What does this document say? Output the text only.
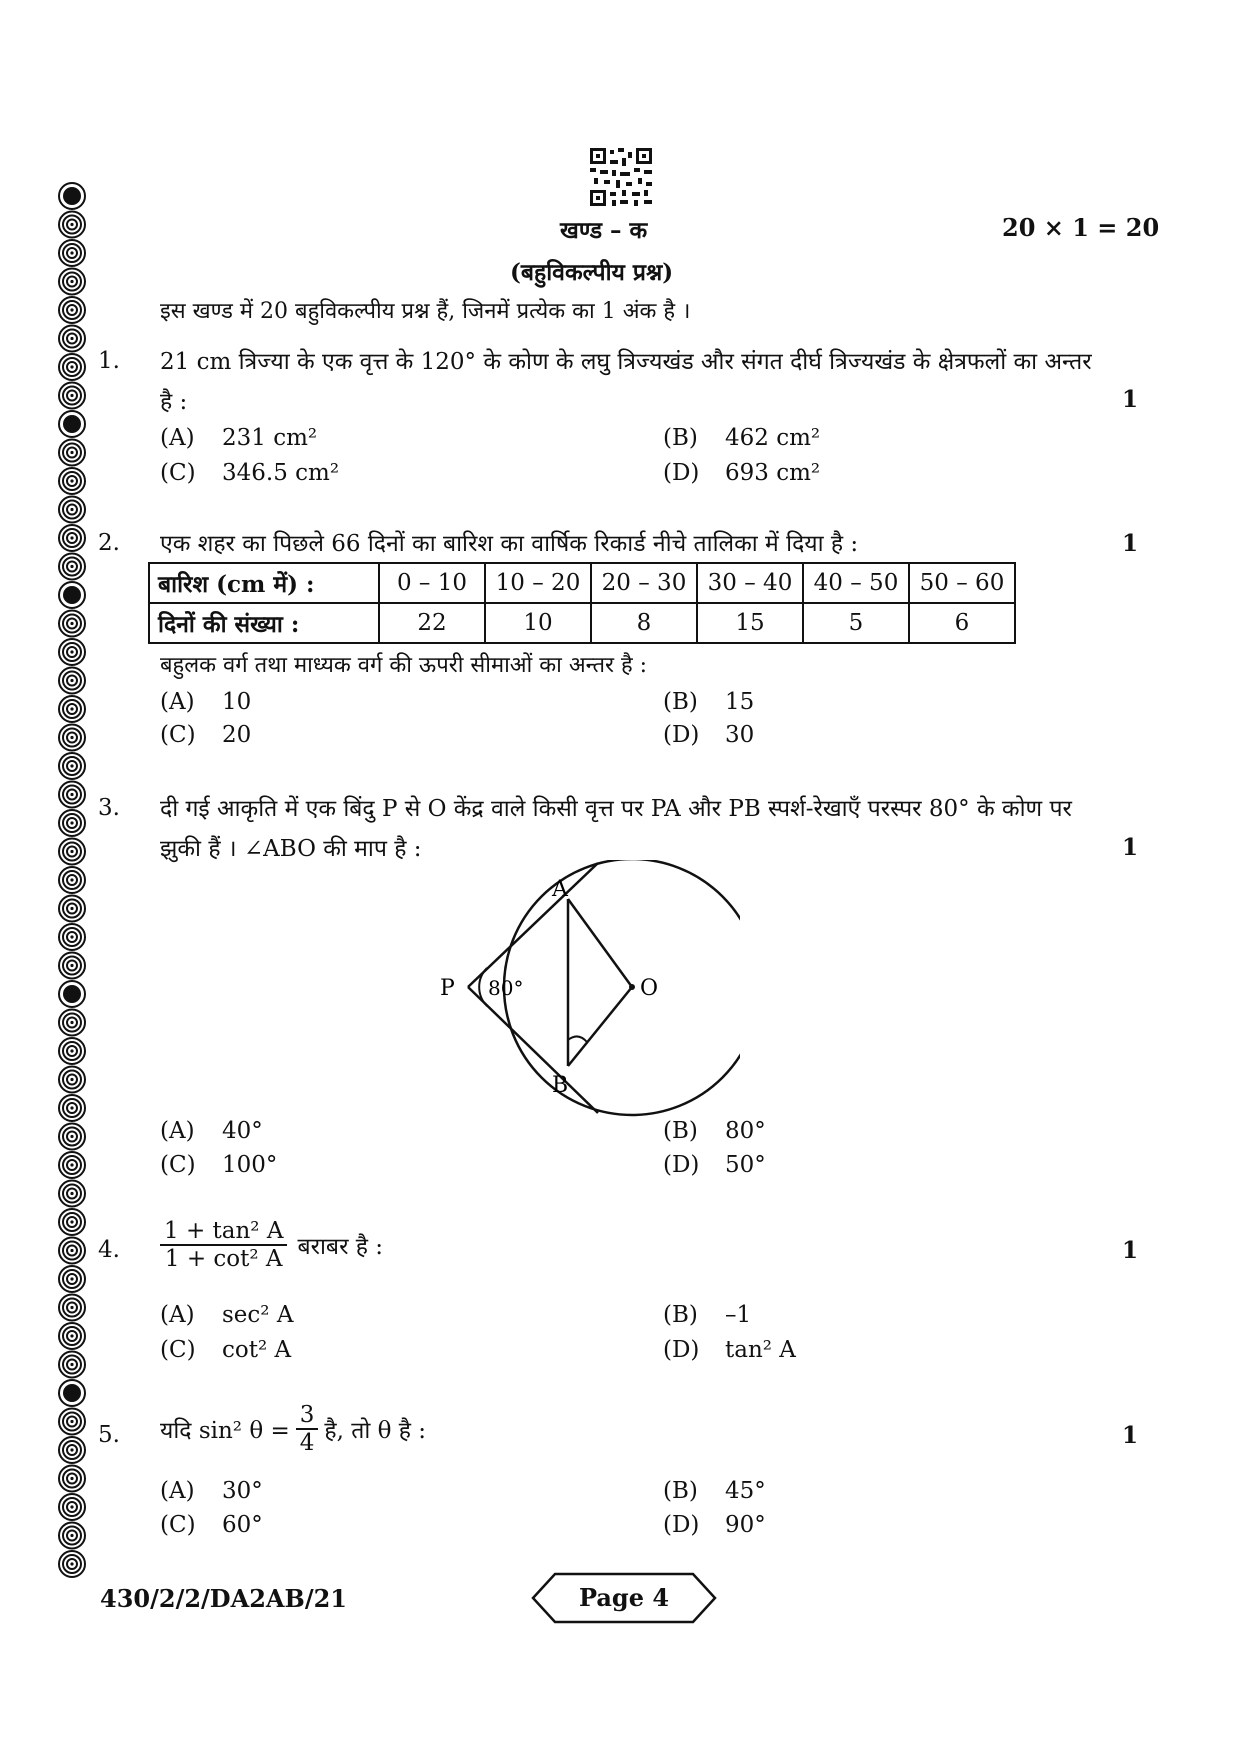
खण्ड – क	20 × 1 = 20
(बहुविकल्पीय प्रश्न)
इस खण्ड में 20 बहुविकल्पीय प्रश्न हैं, जिनमें प्रत्येक का 1 अंक है ।
1. 21 cm त्रिज्या के एक वृत्त के 120° के कोण के लघु त्रिज्यखंड और संगत दीर्घ त्रिज्यखंड के क्षेत्रफलों का अन्तर है :	1
(A)	231 cm²	(B)	462 cm²
(C)	346.5 cm²	(D)	693 cm²
2. एक शहर का पिछले 66 दिनों का बारिश का वार्षिक रिकार्ड नीचे तालिका में दिया है :	1
बारिश (cm में) :	0 – 10	10 – 20	20 – 30	30 – 40	40 – 50	50 – 60
दिनों की संख्या :	22	10	8	15	5	6
बहुलक वर्ग तथा माध्यक वर्ग की ऊपरी सीमाओं का अन्तर है :
(A)	10	(B)	15
(C)	20	(D)	30
3. दी गई आकृति में एक बिंदु P से O केंद्र वाले किसी वृत्त पर PA और PB स्पर्श-रेखाएँ परस्पर 80° के कोण पर झुकी हैं । ∠ABO की माप है :	1
A
B
P	O
80°
(A)	40°	(B)	80°
(C)	100°	(D)	50°
4. $\frac{\text{1 + tan² A}}{\text{1 + cot² A}}$ बराबर है :	1
(A)	sec² A	(B)	–1
(C)	cot² A	(D)	tan² A
5. यदि sin² $\theta = \frac{3}{4}$ है, तो θ है :	1
(A)	30°	(B)	45°
(C)	60°	(D)	90°
430/2/2/DA2AB/21	Page 4
